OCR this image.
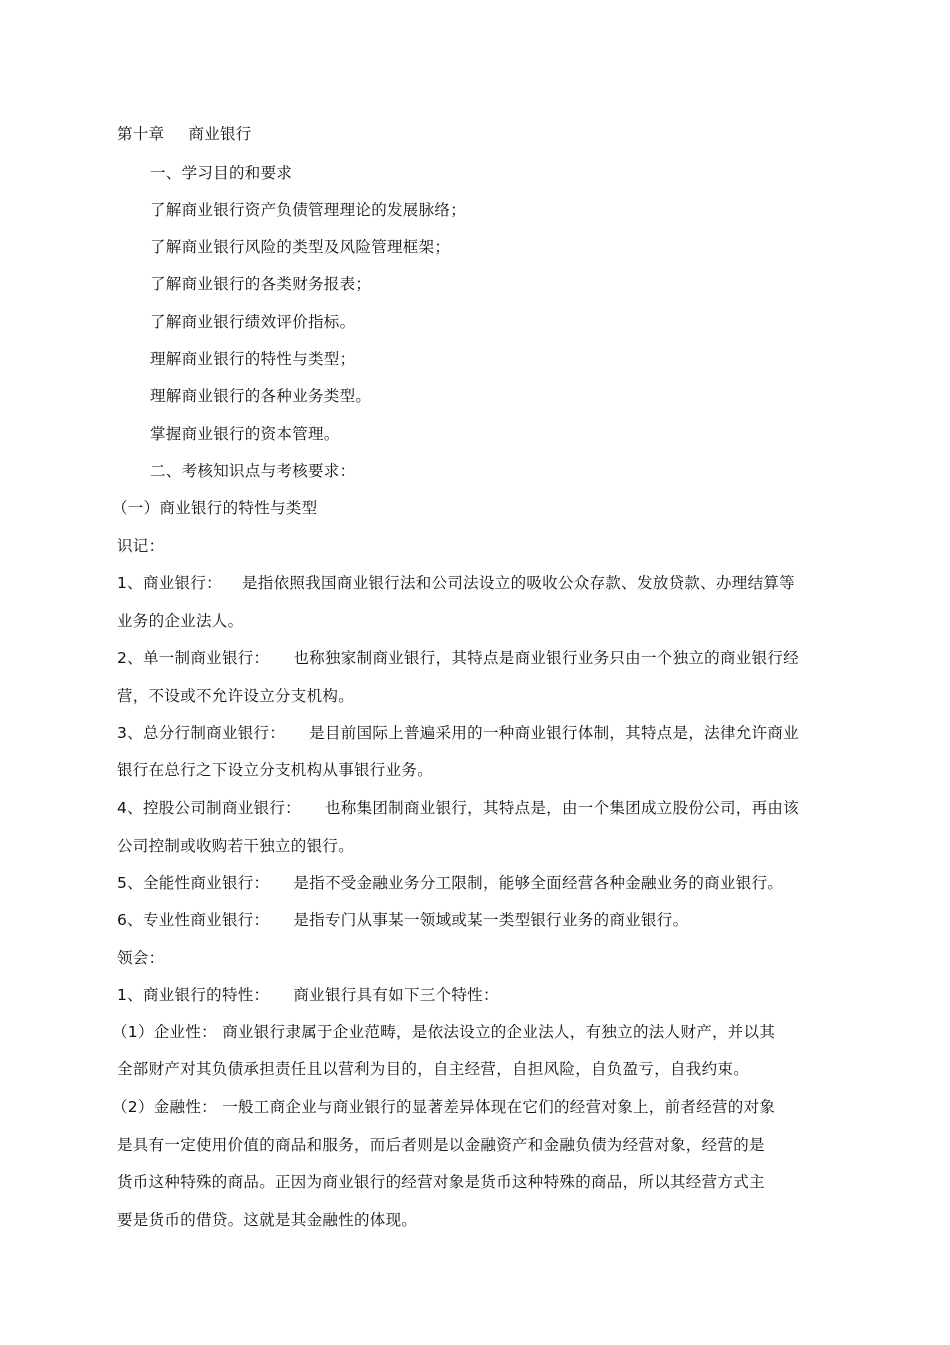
第十章 商业银行
一、学习目的和要求
了解商业银行资产负债管理理论的发展脉络；
了解商业银行风险的类型及风险管理框架；
了解商业银行的各类财务报表；
了解商业银行绩效评价指标。
理解商业银行的特性与类型；
理解商业银行的各种业务类型。
掌握商业银行的资本管理。
二、考核知识点与考核要求：
（一）商业银行的特性与类型
识记：
1、商业银行： 是指依照我国商业银行法和公司法设立的吸收公众存款、发放贷款、办理结算等
业务的企业法人。
2、单一制商业银行： 也称独家制商业银行，其特点是商业银行业务只由一个独立的商业银行经
营，不设或不允许设立分支机构。
3、总分行制商业银行： 是目前国际上普遍采用的一种商业银行体制，其特点是，法律允许商业
银行在总行之下设立分支机构从事银行业务。
4、控股公司制商业银行： 也称集团制商业银行，其特点是，由一个集团成立股份公司，再由该
公司控制或收购若干独立的银行。
5、全能性商业银行： 是指不受金融业务分工限制，能够全面经营各种金融业务的商业银行。
6、专业性商业银行： 是指专门从事某一领域或某一类型银行业务的商业银行。
领会：
1、商业银行的特性： 商业银行具有如下三个特性：
（1）企业性： 商业银行隶属于企业范畴，是依法设立的企业法人，有独立的法人财产，并以其
全部财产对其负债承担责任且以营利为目的，自主经营，自担风险，自负盈亏，自我约束。
（2）金融性： 一般工商企业与商业银行的显著差异体现在它们的经营对象上，前者经营的对象
是具有一定使用价值的商品和服务，而后者则是以金融资产和金融负债为经营对象，经营的是
货币这种特殊的商品。正因为商业银行的经营对象是货币这种特殊的商品，所以其经营方式主
要是货币的借贷。这就是其金融性的体现。
